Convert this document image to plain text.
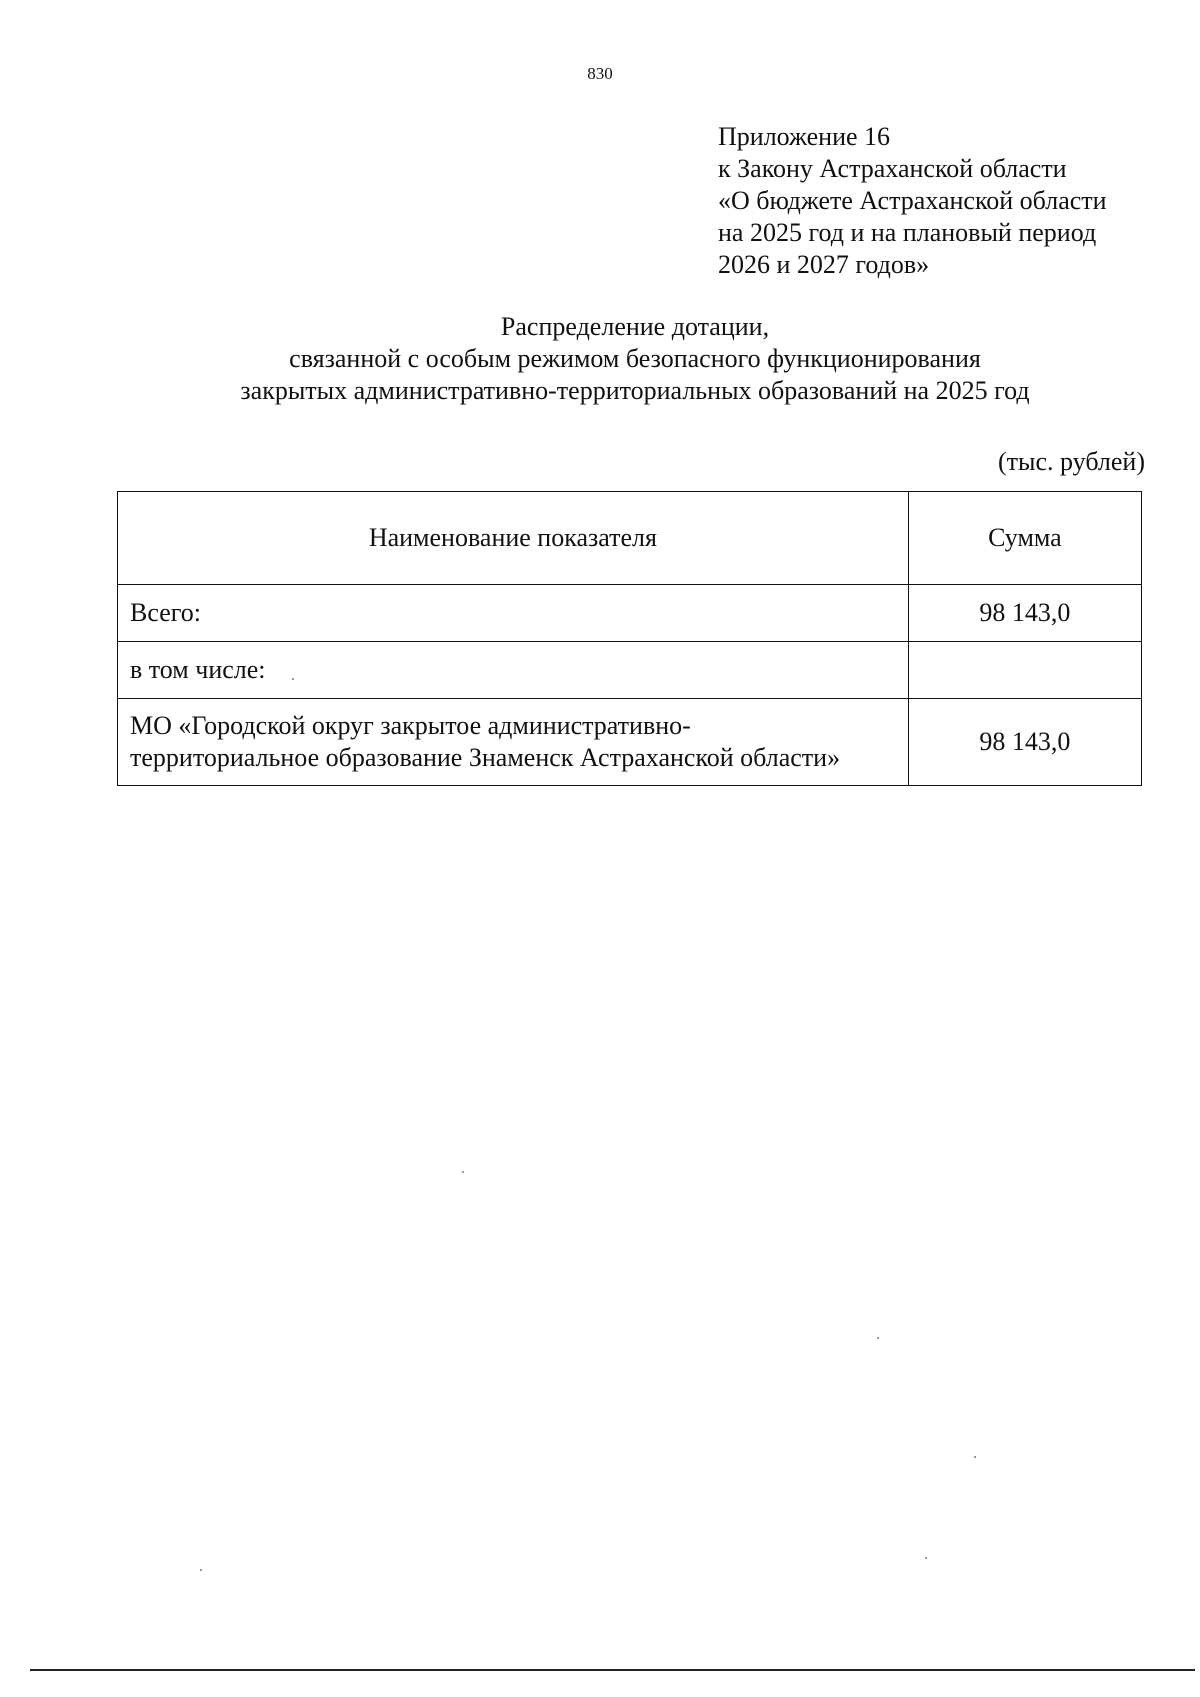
830
Приложение 16
к Закону Астраханской области
«О бюджете Астраханской области
на 2025 год и на плановый период
2026 и 2027 годов»
Распределение дотации,
связанной с особым режимом безопасного функционирования
закрытых административно-территориальных образований на 2025 год
(тыс. рублей)
Наименование показателя	Сумма
Всего:	98 143,0
в том числе:	

МО «Городской округ закрытое административно-
территориальное образование Знаменск Астраханской области»	98 143,0
